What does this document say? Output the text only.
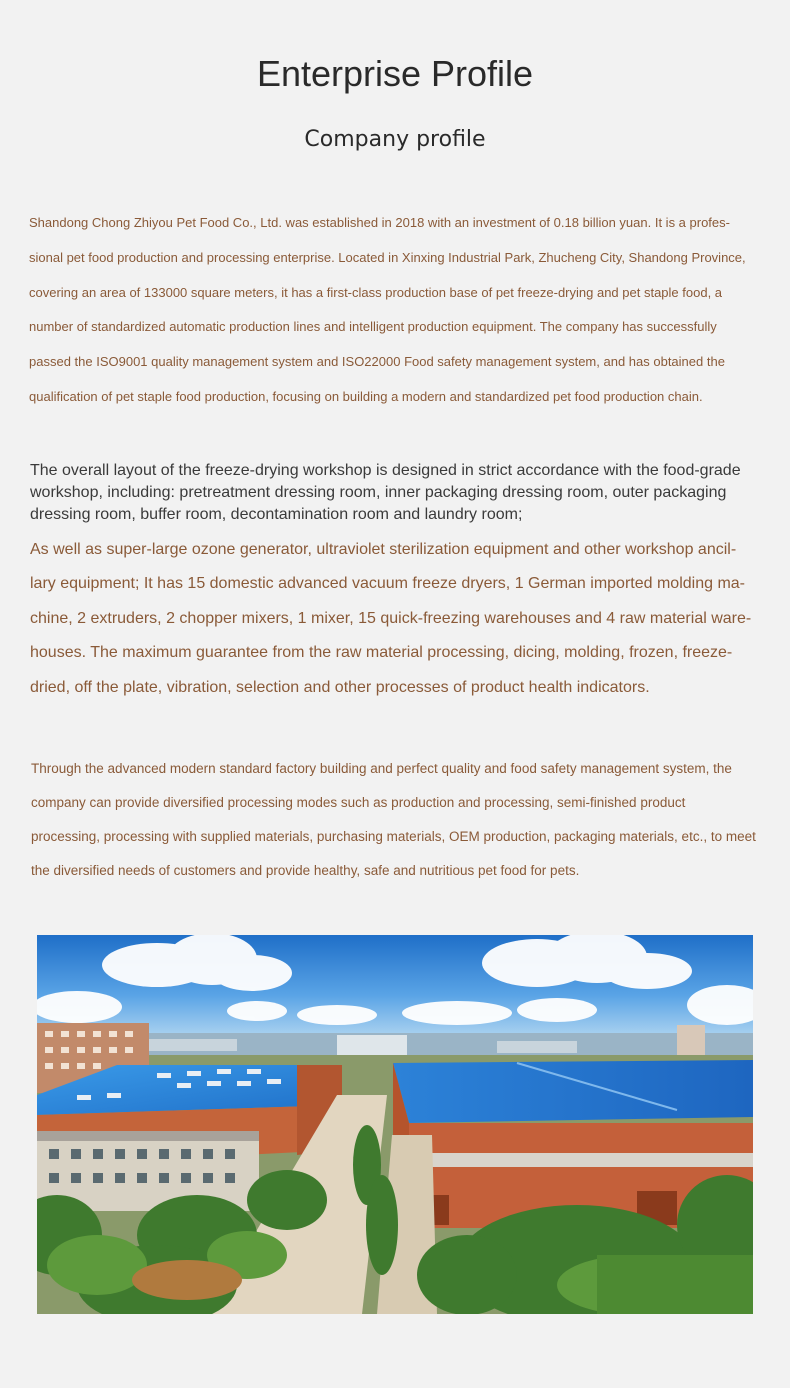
Enterprise Profile
Company profile

Shandong Chong Zhiyou Pet Food Co., Ltd. was established in 2018 with an investment of 0.18 billion yuan. It is a profes-sional pet food production and processing enterprise. Located in Xinxing Industrial Park, Zhucheng City, Shandong Province, covering an area of 133000 square meters, it has a first-class production base of pet freeze-drying and pet staple food, a number of standardized automatic production lines and intelligent production equipment. The company has successfully passed the ISO9001 quality management system and ISO22000 Food safety management system, and has obtained the qualification of pet staple food production, focusing on building a modern and standardized pet food production chain.

The overall layout of the freeze-drying workshop is designed in strict accordance with the food-grade workshop, including: pretreatment dressing room, inner packaging dressing room, outer packaging dressing room, buffer room, decontamination room and laundry room;

As well as super-large ozone generator, ultraviolet sterilization equipment and other workshop ancil-lary equipment; It has 15 domestic advanced vacuum freeze dryers, 1 German imported molding ma-chine, 2 extruders, 2 chopper mixers, 1 mixer, 15 quick-freezing warehouses and 4 raw material ware-houses. The maximum guarantee from the raw material processing, dicing, molding, frozen, freeze-dried, off the plate, vibration, selection and other processes of product health indicators.

Through the advanced modern standard factory building and perfect quality and food safety management system, the company can provide diversified processing modes such as production and processing, semi-finished product processing, processing with supplied materials, purchasing materials, OEM production, packaging materials, etc., to meet the diversified needs of customers and provide healthy, safe and nutritious pet food for pets.
